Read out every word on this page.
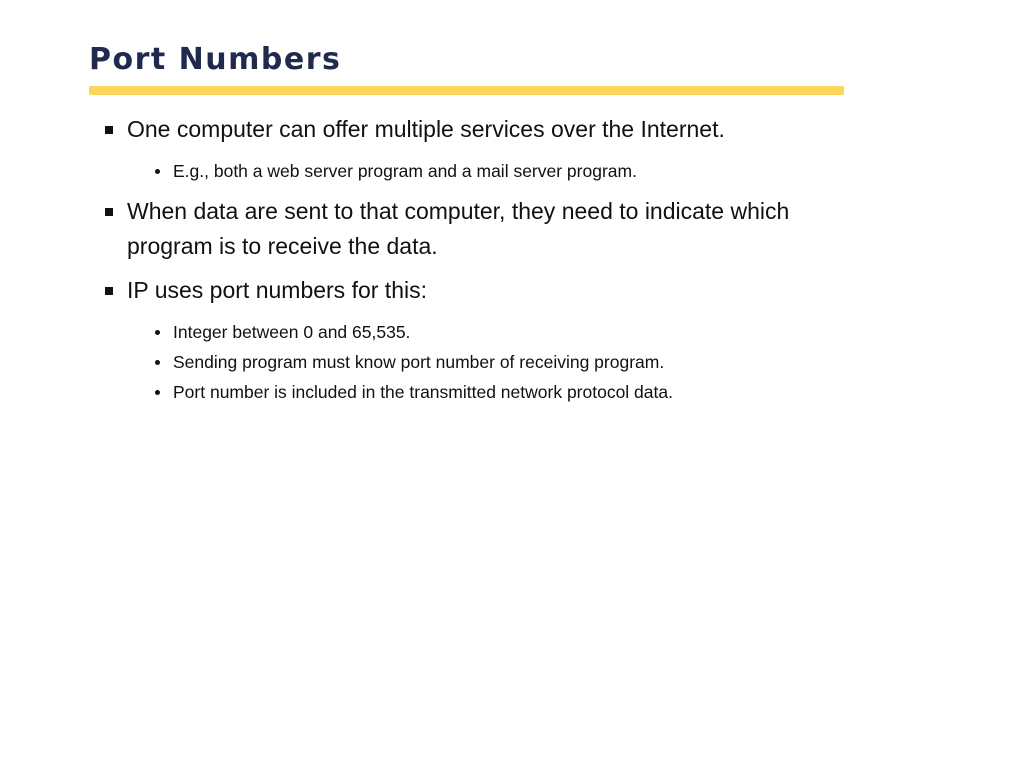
Port Numbers
One computer can offer multiple services over the Internet.
E.g., both a web server program and a mail server program.
When data are sent to that computer, they need to indicate which
program is to receive the data.
IP uses port numbers for this:
Integer between 0 and 65,535.
Sending program must know port number of receiving program.
Port number is included in the transmitted network protocol data.
